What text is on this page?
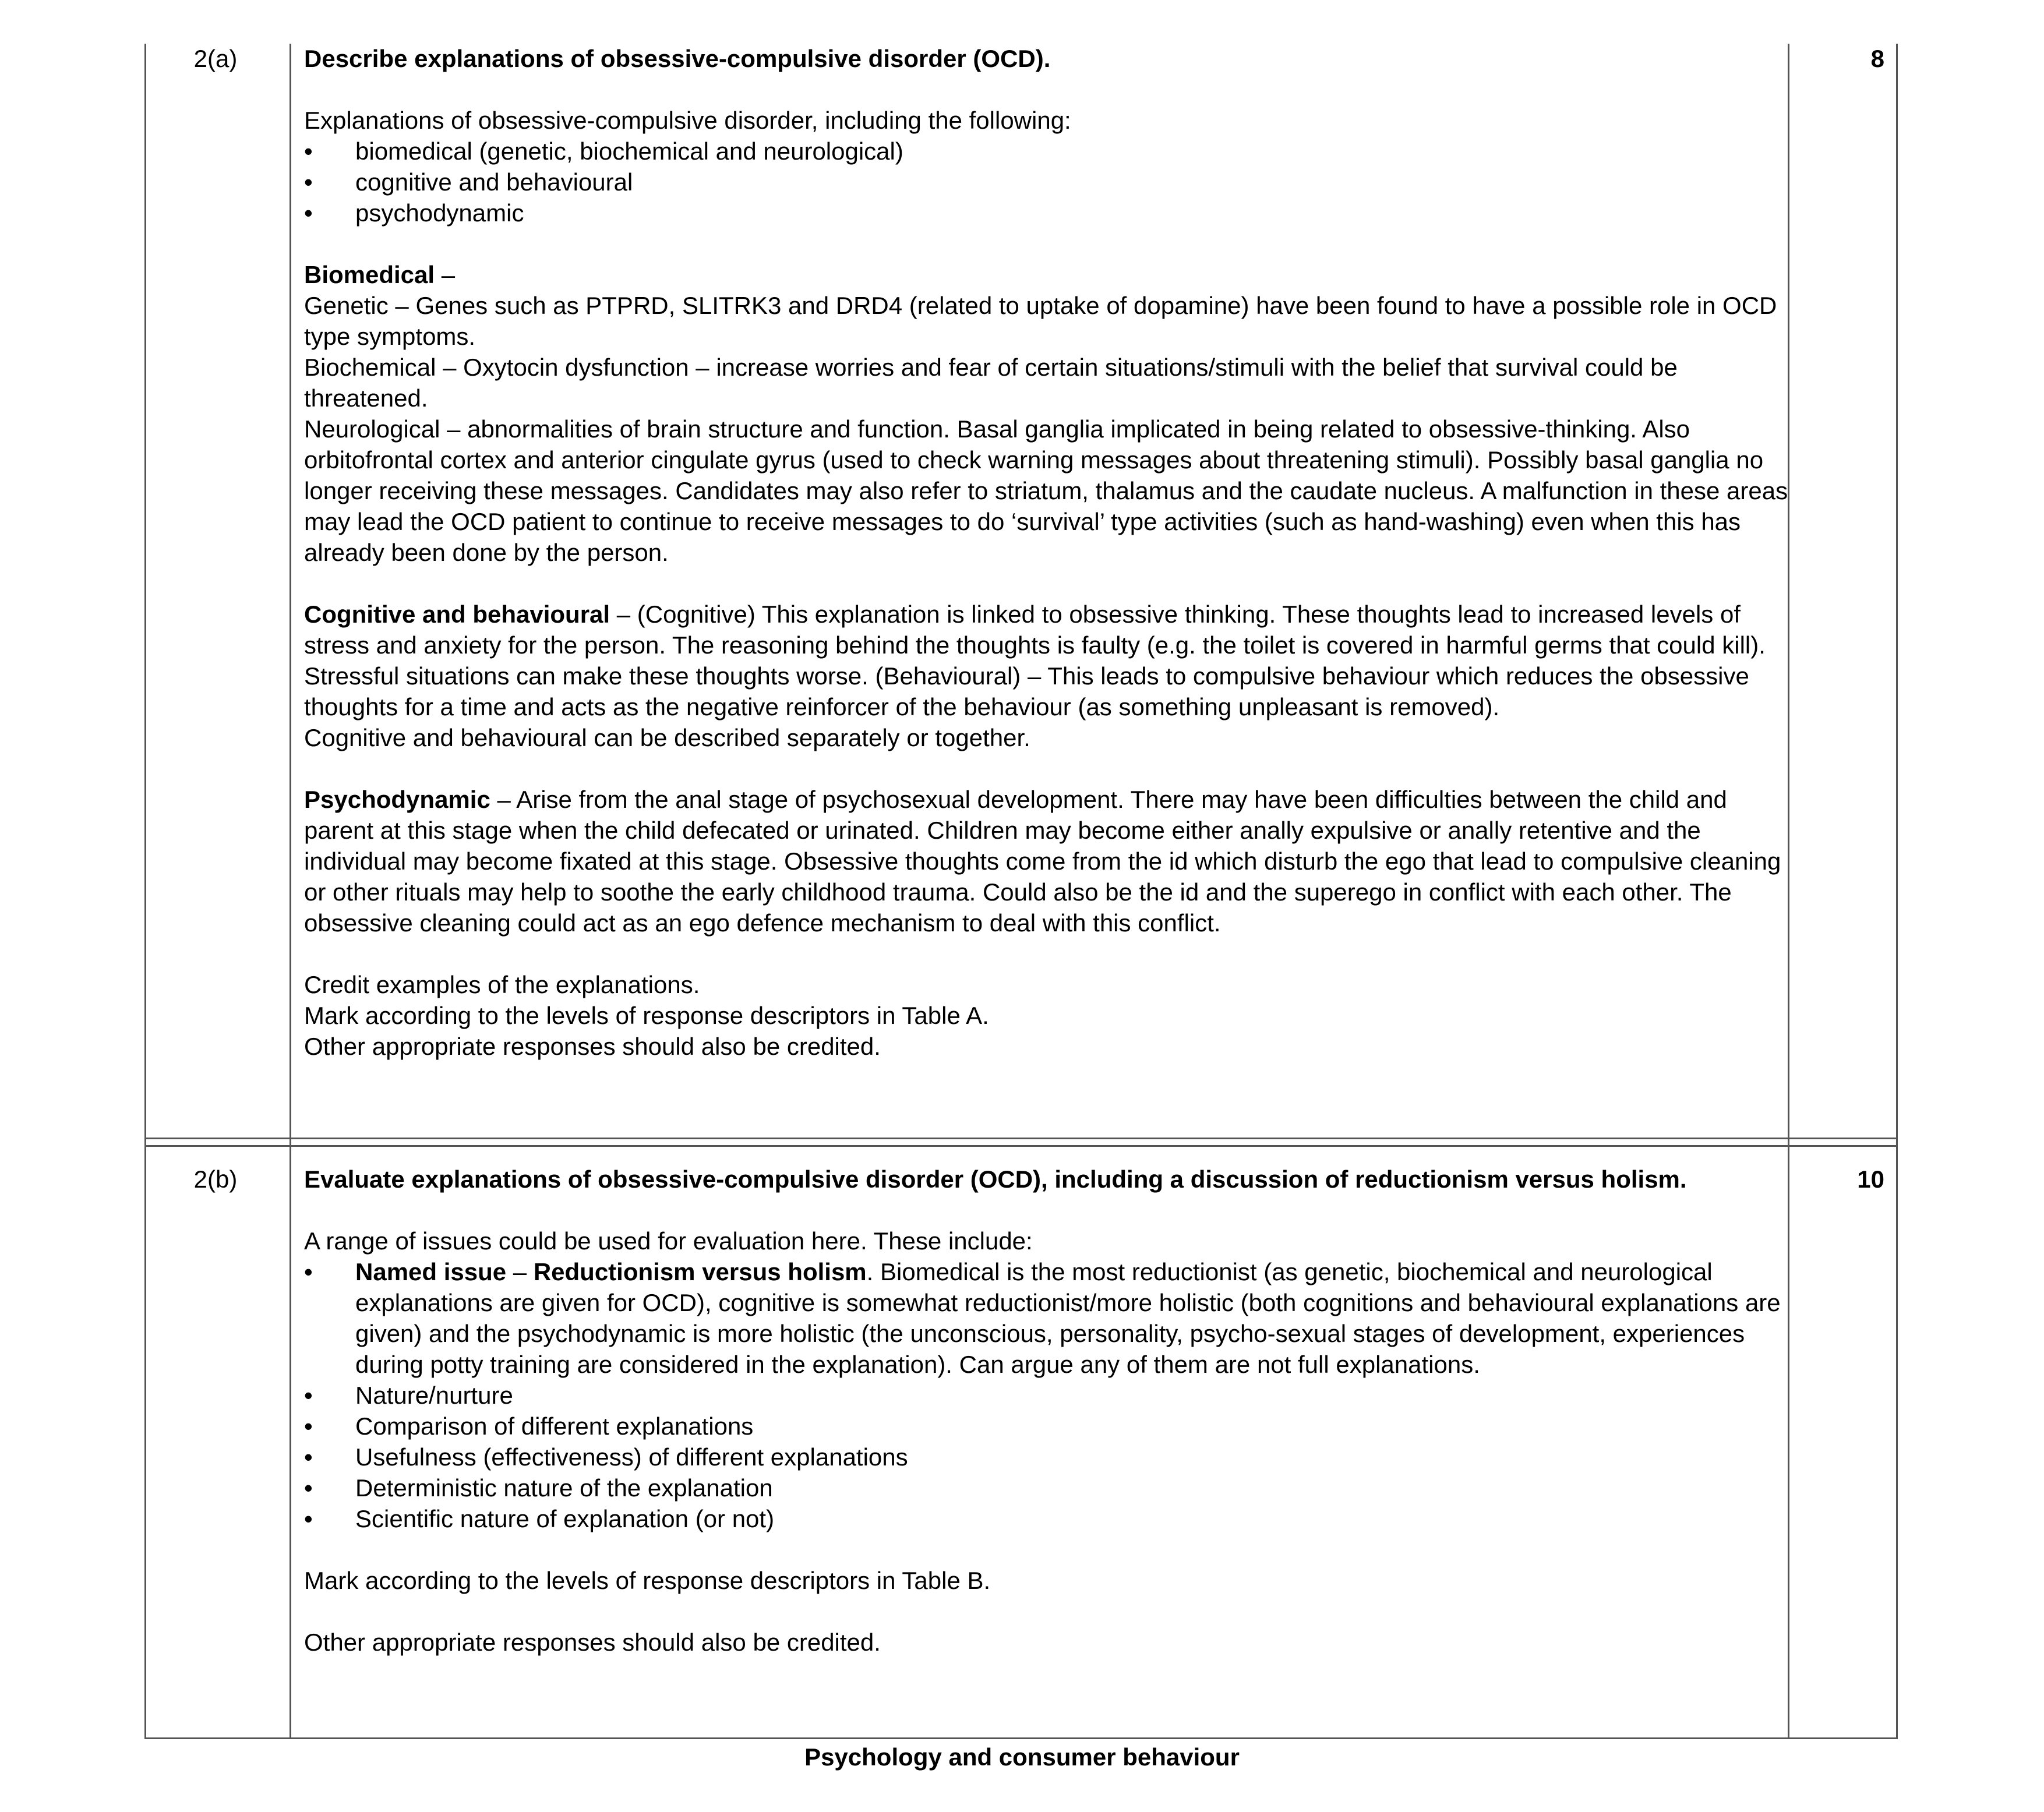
2(a)	8

Describe explanations of obsessive-compulsive disorder (OCD).

Explanations of obsessive-compulsive disorder, including the following:

• biomedical (genetic, biochemical and neurological)
• cognitive and behavioural
• psychodynamic

Biomedical –

Genetic – Genes such as PTPRD, SLITRK3 and DRD4 (related to uptake of dopamine) have been found to have a possible role in OCD type symptoms.

Biochemical – Oxytocin dysfunction – increase worries and fear of certain situations/stimuli with the belief that survival could be threatened.

Neurological – abnormalities of brain structure and function. Basal ganglia implicated in being related to obsessive-thinking. Also orbitofrontal cortex and anterior cingulate gyrus (used to check warning messages about threatening stimuli). Possibly basal ganglia no longer receiving these messages. Candidates may also refer to striatum, thalamus and the caudate nucleus. A malfunction in these areas may lead the OCD patient to continue to receive messages to do ‘survival’ type activities (such as hand-washing) even when this has already been done by the person.

Cognitive and behavioural – (Cognitive) This explanation is linked to obsessive thinking. These thoughts lead to increased levels of stress and anxiety for the person. The reasoning behind the thoughts is faulty (e.g. the toilet is covered in harmful germs that could kill). Stressful situations can make these thoughts worse. (Behavioural) – This leads to compulsive behaviour which reduces the obsessive thoughts for a time and acts as the negative reinforcer of the behaviour (as something unpleasant is removed).

Cognitive and behavioural can be described separately or together.

Psychodynamic – Arise from the anal stage of psychosexual development. There may have been difficulties between the child and parent at this stage when the child defecated or urinated. Children may become either anally expulsive or anally retentive and the individual may become fixated at this stage. Obsessive thoughts come from the id which disturb the ego that lead to compulsive cleaning or other rituals may help to soothe the early childhood trauma. Could also be the id and the superego in conflict with each other. The obsessive cleaning could act as an ego defence mechanism to deal with this conflict.

Credit examples of the explanations.

Mark according to the levels of response descriptors in Table A.

Other appropriate responses should also be credited.

2(b)	10

Evaluate explanations of obsessive-compulsive disorder (OCD), including a discussion of reductionism versus holism.

A range of issues could be used for evaluation here. These include:

• Named issue – Reductionism versus holism. Biomedical is the most reductionist (as genetic, biochemical and neurological explanations are given for OCD), cognitive is somewhat reductionist/more holistic (both cognitions and behavioural explanations are given) and the psychodynamic is more holistic (the unconscious, personality, psycho-sexual stages of development, experiences during potty training are considered in the explanation). Can argue any of them are not full explanations.
• Nature/nurture
• Comparison of different explanations
• Usefulness (effectiveness) of different explanations
• Deterministic nature of the explanation
• Scientific nature of explanation (or not)

Mark according to the levels of response descriptors in Table B.

Other appropriate responses should also be credited.

Psychology and consumer behaviour
